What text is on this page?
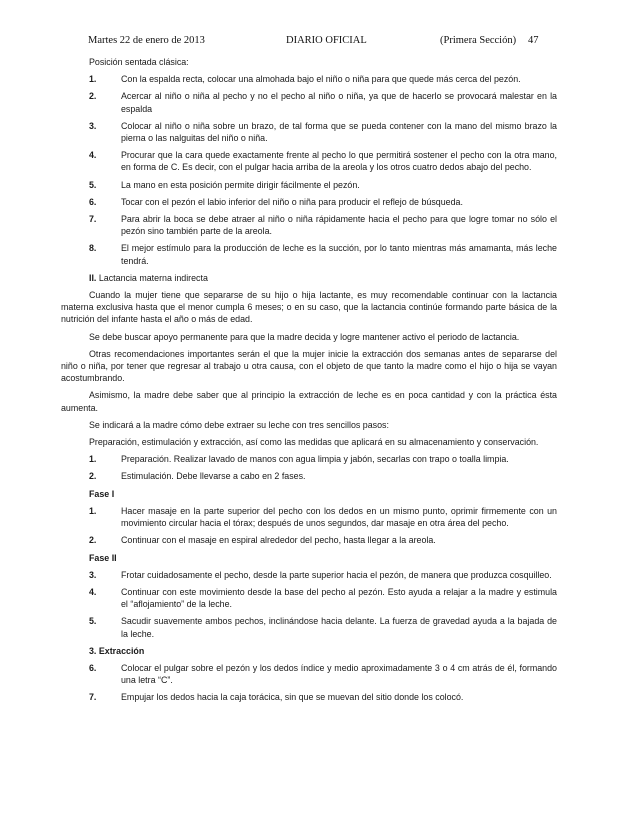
Martes 22 de enero de 2013	DIARIO OFICIAL	(Primera Sección) 47

Posición sentada clásica:

1.	Con la espalda recta, colocar una almohada bajo el niño o niña para que quede más cerca del pezón.
2.	Acercar al niño o niña al pecho y no el pecho al niño o niña, ya que de hacerlo se provocará malestar en la espalda
3.	Colocar al niño o niña sobre un brazo, de tal forma que se pueda contener con la mano del mismo brazo la pierna o las nalguitas del niño o niña.
4.	Procurar que la cara quede exactamente frente al pecho lo que permitirá sostener el pecho con la otra mano, en forma de C. Es decir, con el pulgar hacia arriba de la areola y los otros cuatro dedos abajo del pecho.
5.	La mano en esta posición permite dirigir fácilmente el pezón.
6.	Tocar con el pezón el labio inferior del niño o niña para producir el reflejo de búsqueda.
7.	Para abrir la boca se debe atraer al niño o niña rápidamente hacia el pecho para que logre tomar no sólo el pezón sino también parte de la areola.
8.	El mejor estímulo para la producción de leche es la succión, por lo tanto mientras más amamanta, más leche tendrá.

II. Lactancia materna indirecta

Cuando la mujer tiene que separarse de su hijo o hija lactante, es muy recomendable continuar con la lactancia materna exclusiva hasta que el menor cumpla 6 meses; o en su caso, que la lactancia continúe formando parte básica de la nutrición del infante hasta el año o más de edad.

Se debe buscar apoyo permanente para que la madre decida y logre mantener activo el periodo de lactancia.

Otras recomendaciones importantes serán el que la mujer inicie la extracción dos semanas antes de separarse del niño o niña, por tener que regresar al trabajo u otra causa, con el objeto de que tanto la madre como el hijo o hija se vayan acostumbrando.

Asimismo, la madre debe saber que al principio la extracción de leche es en poca cantidad y con la práctica ésta aumenta.

Se indicará a la madre cómo debe extraer su leche con tres sencillos pasos:

Preparación, estimulación y extracción, así como las medidas que aplicará en su almacenamiento y conservación.

1.	Preparación. Realizar lavado de manos con agua limpia y jabón, secarlas con trapo o toalla limpia.
2.	Estimulación. Debe llevarse a cabo en 2 fases.

Fase I

1.	Hacer masaje en la parte superior del pecho con los dedos en un mismo punto, oprimir firmemente con un movimiento circular hacia el tórax; después de unos segundos, dar masaje en otra área del pecho.
2.	Continuar con el masaje en espiral alrededor del pecho, hasta llegar a la areola.

Fase II

3.	Frotar cuidadosamente el pecho, desde la parte superior hacia el pezón, de manera que produzca cosquilleo.
4.	Continuar con este movimiento desde la base del pecho al pezón. Esto ayuda a relajar a la madre y estimula el “aflojamiento” de la leche.
5.	Sacudir suavemente ambos pechos, inclinándose hacia delante. La fuerza de gravedad ayuda a la bajada de la leche.

3. Extracción

6.	Colocar el pulgar sobre el pezón y los dedos índice y medio aproximadamente 3 o 4 cm atrás de él, formando una letra “C”.
7.	Empujar los dedos hacia la caja torácica, sin que se muevan del sitio donde los colocó.
